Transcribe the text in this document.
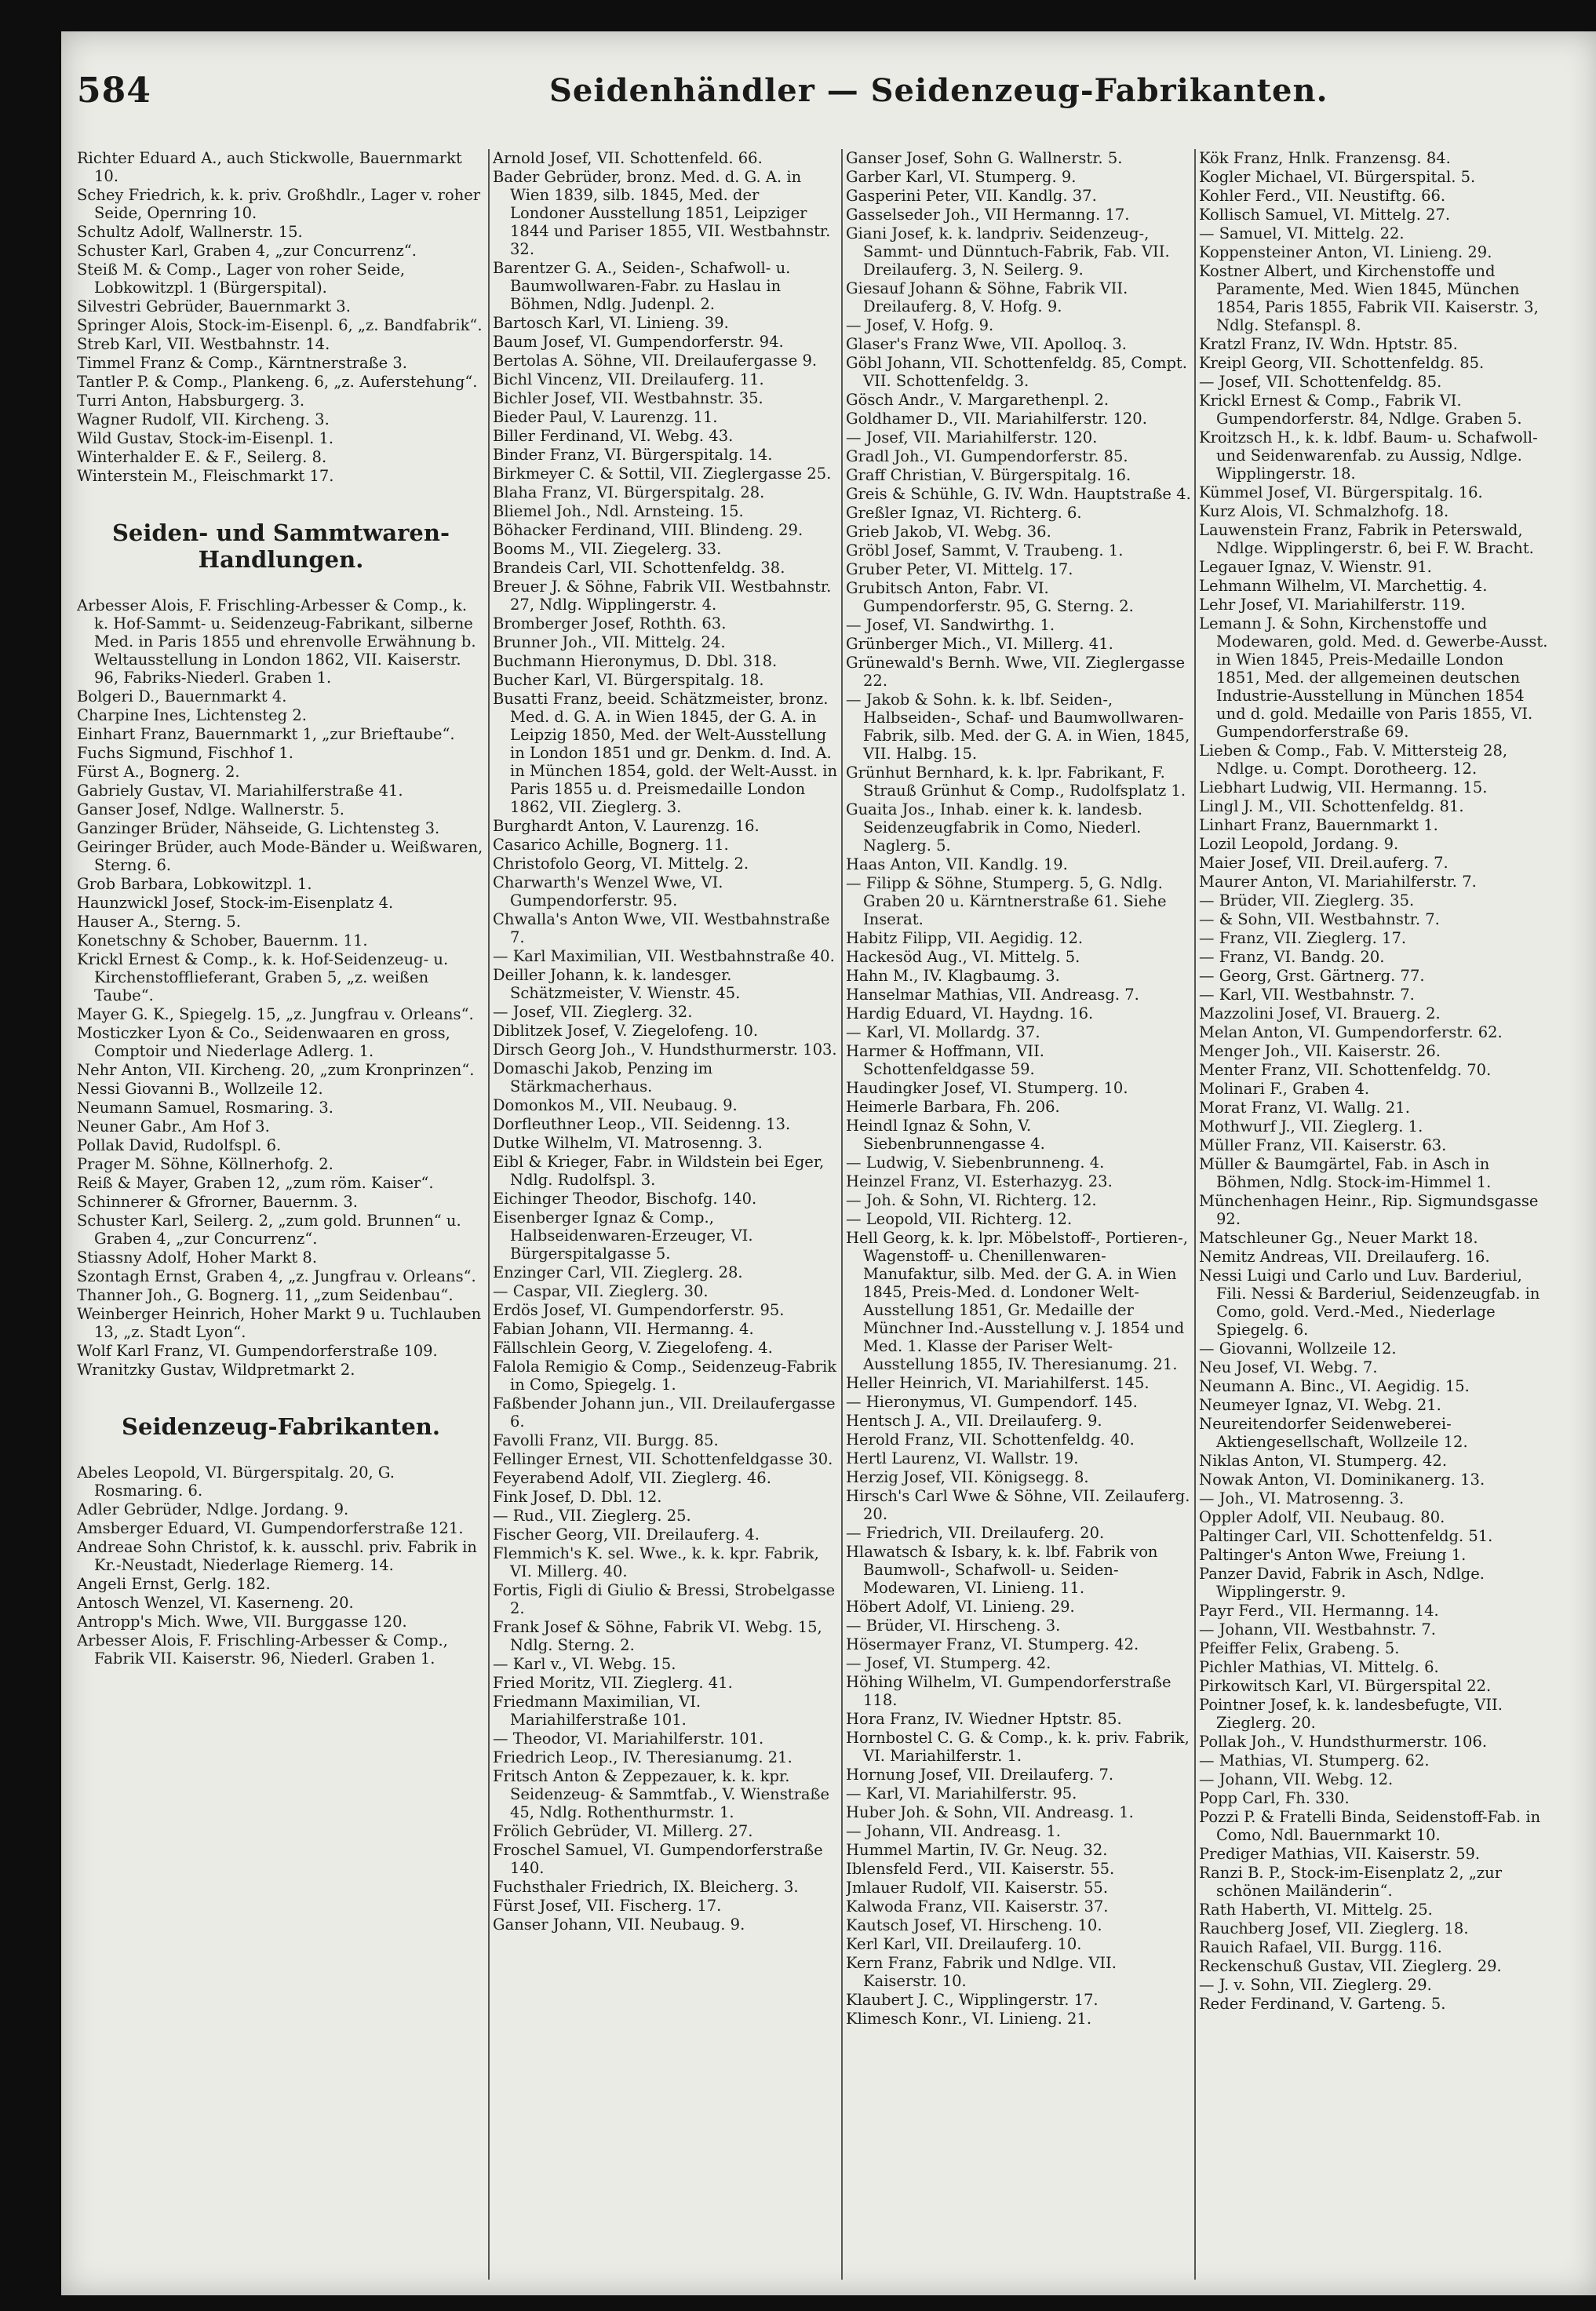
584	Seidenhändler — Seidenzeug-Fabrikanten.
Richter Eduard A., auch Stickwolle, Bauernmarkt 10.
Schey Friedrich, k. k. priv. Großhdlr., Lager v. roher Seide, Opernring 10.
Schultz Adolf, Wallnerstr. 15.
Schuster Karl, Graben 4, „zur Concurrenz“.
Steiß M. & Comp., Lager von roher Seide, Lobkowitzpl. 1 (Bürgerspital).
Silvestri Gebrüder, Bauernmarkt 3.
Springer Alois, Stock-im-Eisenpl. 6, „z. Bandfabrik“.
Streb Karl, VII. Westbahnstr. 14.
Timmel Franz & Comp., Kärntnerstraße 3.
Tantler P. & Comp., Plankeng. 6, „z. Auferstehung“.
Turri Anton, Habsburgerg. 3.
Wagner Rudolf, VII. Kircheng. 3.
Wild Gustav, Stock-im-Eisenpl. 1.
Winterhalder E. & F., Seilerg. 8.
Winterstein M., Fleischmarkt 17.
Seiden- und Sammtwaren-Handlungen.
Arbesser Alois, F. Frischling-Arbesser & Comp., k. k. Hof-Sammt- u. Seidenzeug-Fabrikant, silberne Med. in Paris 1855 und ehrenvolle Erwähnung b. Weltausstellung in London 1862, VII. Kaiserstr. 96, Fabriks-Niederl. Graben 1.
Bolgeri D., Bauernmarkt 4.
Charpine Ines, Lichtensteg 2.
Einhart Franz, Bauernmarkt 1, „zur Brieftaube“.
Fuchs Sigmund, Fischhof 1.
Fürst A., Bognerg. 2.
Gabriely Gustav, VI. Mariahilferstraße 41.
Ganser Josef, Ndlge. Wallnerstr. 5.
Ganzinger Brüder, Nähseide, G. Lichtensteg 3.
Geiringer Brüder, auch Mode-Bänder u. Weißwaren, Sterng. 6.
Grob Barbara, Lobkowitzpl. 1.
Haunzwickl Josef, Stock-im-Eisenplatz 4.
Hauser A., Sterng. 5.
Konetschny & Schober, Bauernm. 11.
Krickl Ernest & Comp., k. k. Hof-Seidenzeug- u. Kirchenstofflieferant, Graben 5, „z. weißen Taube“.
Mayer G. K., Spiegelg. 15, „z. Jungfrau v. Orleans“.
Mosticzker Lyon & Co., Seidenwaaren en gross, Comptoir und Niederlage Adlerg. 1.
Nehr Anton, VII. Kircheng. 20, „zum Kronprinzen“.
Nessi Giovanni B., Wollzeile 12.
Neumann Samuel, Rosmaring. 3.
Neuner Gabr., Am Hof 3.
Pollak David, Rudolfspl. 6.
Prager M. Söhne, Köllnerhofg. 2.
Reiß & Mayer, Graben 12, „zum röm. Kaiser“.
Schinnerer & Gfrorner, Bauernm. 3.
Schuster Karl, Seilerg. 2, „zum gold. Brunnen“ u. Graben 4, „zur Concurrenz“.
Stiassny Adolf, Hoher Markt 8.
Szontagh Ernst, Graben 4, „z. Jungfrau v. Orleans“.
Thanner Joh., G. Bognerg. 11, „zum Seidenbau“.
Weinberger Heinrich, Hoher Markt 9 u. Tuchlauben 13, „z. Stadt Lyon“.
Wolf Karl Franz, VI. Gumpendorferstraße 109.
Wranitzky Gustav, Wildpretmarkt 2.
Seidenzeug-Fabrikanten.
Abeles Leopold, VI. Bürgerspitalg. 20, G. Rosmaring. 6.
Adler Gebrüder, Ndlge. Jordang. 9.
Amsberger Eduard, VI. Gumpendorferstraße 121.
Andreae Sohn Christof, k. k. ausschl. priv. Fabrik in Kr.-Neustadt, Niederlage Riemerg. 14.
Angeli Ernst, Gerlg. 182.
Antosch Wenzel, VI. Kaserneng. 20.
Antropp's Mich. Wwe, VII. Burggasse 120.
Arbesser Alois, F. Frischling-Arbesser & Comp., Fabrik VII. Kaiserstr. 96, Niederl. Graben 1.
Arnold Josef, VII. Schottenfeld. 66.
Bader Gebrüder, bronz. Med. d. G. A. in Wien 1839, silb. 1845, Med. der Londoner Ausstellung 1851, Leipziger 1844 und Pariser 1855, VII. Westbahnstr. 32.
Barentzer G. A., Seiden-, Schafwoll- u. Baumwollwaren-Fabr. zu Haslau in Böhmen, Ndlg. Judenpl. 2.
Bartosch Karl, VI. Linieng. 39.
Baum Josef, VI. Gumpendorferstr. 94.
Bertolas A. Söhne, VII. Dreilaufergasse 9.
Bichl Vincenz, VII. Dreilauferg. 11.
Bichler Josef, VII. Westbahnstr. 35.
Bieder Paul, V. Laurenzg. 11.
Biller Ferdinand, VI. Webg. 43.
Binder Franz, VI. Bürgerspitalg. 14.
Birkmeyer C. & Sottil, VII. Zieglergasse 25.
Blaha Franz, VI. Bürgerspitalg. 28.
Bliemel Joh., Ndl. Arnsteing. 15.
Böhacker Ferdinand, VIII. Blindeng. 29.
Booms M., VII. Ziegelerg. 33.
Brandeis Carl, VII. Schottenfeldg. 38.
Breuer J. & Söhne, Fabrik VII. Westbahnstr. 27, Ndlg. Wipplingerstr. 4.
Bromberger Josef, Rothth. 63.
Brunner Joh., VII. Mittelg. 24.
Buchmann Hieronymus, D. Dbl. 318.
Bucher Karl, VI. Bürgerspitalg. 18.
Busatti Franz, beeid. Schätzmeister, bronz. Med. d. G. A. in Wien 1845, der G. A. in Leipzig 1850, Med. der Welt-Ausstellung in London 1851 und gr. Denkm. d. Ind. A. in München 1854, gold. der Welt-Ausst. in Paris 1855 u. d. Preismedaille London 1862, VII. Zieglerg. 3.
Burghardt Anton, V. Laurenzg. 16.
Casarico Achille, Bognerg. 11.
Christofolo Georg, VI. Mittelg. 2.
Charwarth's Wenzel Wwe, VI. Gumpendorferstr. 95.
Chwalla's Anton Wwe, VII. Westbahnstraße 7.
— Karl Maximilian, VII. Westbahnstraße 40.
Deiller Johann, k. k. landesger. Schätzmeister, V. Wienstr. 45.
— Josef, VII. Zieglerg. 32.
Diblitzek Josef, V. Ziegelofeng. 10.
Dirsch Georg Joh., V. Hundsthurmerstr. 103.
Domaschi Jakob, Penzing im Stärkmacherhaus.
Domonkos M., VII. Neubaug. 9.
Dorfleuthner Leop., VII. Seidenng. 13.
Dutke Wilhelm, VI. Matrosenng. 3.
Eibl & Krieger, Fabr. in Wildstein bei Eger, Ndlg. Rudolfspl. 3.
Eichinger Theodor, Bischofg. 140.
Eisenberger Ignaz & Comp., Halbseidenwaren-Erzeuger, VI. Bürgerspitalgasse 5.
Enzinger Carl, VII. Zieglerg. 28.
— Caspar, VII. Zieglerg. 30.
Erdös Josef, VI. Gumpendorferstr. 95.
Fabian Johann, VII. Hermanng. 4.
Fällschlein Georg, V. Ziegelofeng. 4.
Falola Remigio & Comp., Seidenzeug-Fabrik in Como, Spiegelg. 1.
Faßbender Johann jun., VII. Dreilaufergasse 6.
Favolli Franz, VII. Burgg. 85.
Fellinger Ernest, VII. Schottenfeldgasse 30.
Feyerabend Adolf, VII. Zieglerg. 46.
Fink Josef, D. Dbl. 12.
— Rud., VII. Zieglerg. 25.
Fischer Georg, VII. Dreilauferg. 4.
Flemmich's K. sel. Wwe., k. k. kpr. Fabrik, VI. Millerg. 40.
Fortis, Figli di Giulio & Bressi, Strobelgasse 2.
Frank Josef & Söhne, Fabrik VI. Webg. 15, Ndlg. Sterng. 2.
— Karl v., VI. Webg. 15.
Fried Moritz, VII. Zieglerg. 41.
Friedmann Maximilian, VI. Mariahilferstraße 101.
— Theodor, VI. Mariahilferstr. 101.
Friedrich Leop., IV. Theresianumg. 21.
Fritsch Anton & Zeppezauer, k. k. kpr. Seidenzeug- & Sammtfab., V. Wienstraße 45, Ndlg. Rothenthurmstr. 1.
Frölich Gebrüder, VI. Millerg. 27.
Froschel Samuel, VI. Gumpendorferstraße 140.
Fuchsthaler Friedrich, IX. Bleicherg. 3.
Fürst Josef, VII. Fischerg. 17.
Ganser Johann, VII. Neubaug. 9.
Ganser Josef, Sohn G. Wallnerstr. 5.
Garber Karl, VI. Stumperg. 9.
Gasperini Peter, VII. Kandlg. 37.
Gasselseder Joh., VII Hermanng. 17.
Giani Josef, k. k. landpriv. Seidenzeug-, Sammt- und Dünntuch-Fabrik, Fab. VII. Dreilauferg. 3, N. Seilerg. 9.
Giesauf Johann & Söhne, Fabrik VII. Dreilauferg. 8, V. Hofg. 9.
— Josef, V. Hofg. 9.
Glaser's Franz Wwe, VII. Apolloq. 3.
Göbl Johann, VII. Schottenfeldg. 85, Compt. VII. Schottenfeldg. 3.
Gösch Andr., V. Margarethenpl. 2.
Goldhamer D., VII. Mariahilferstr. 120.
— Josef, VII. Mariahilferstr. 120.
Gradl Joh., VI. Gumpendorferstr. 85.
Graff Christian, V. Bürgerspitalg. 16.
Greis & Schühle, G. IV. Wdn. Hauptstraße 4.
Greßler Ignaz, VI. Richterg. 6.
Grieb Jakob, VI. Webg. 36.
Gröbl Josef, Sammt, V. Traubeng. 1.
Gruber Peter, VI. Mittelg. 17.
Grubitsch Anton, Fabr. VI. Gumpendorferstr. 95, G. Sterng. 2.
— Josef, VI. Sandwirthg. 1.
Grünberger Mich., VI. Millerg. 41.
Grünewald's Bernh. Wwe, VII. Zieglergasse 22.
— Jakob & Sohn. k. k. lbf. Seiden-, Halbseiden-, Schaf- und Baumwollwaren-Fabrik, silb. Med. der G. A. in Wien, 1845, VII. Halbg. 15.
Grünhut Bernhard, k. k. lpr. Fabrikant, F. Strauß Grünhut & Comp., Rudolfsplatz 1.
Guaita Jos., Inhab. einer k. k. landesb. Seidenzeugfabrik in Como, Niederl. Naglerg. 5.
Haas Anton, VII. Kandlg. 19.
— Filipp & Söhne, Stumperg. 5, G. Ndlg. Graben 20 u. Kärntnerstraße 61. Siehe Inserat.
Habitz Filipp, VII. Aegidig. 12.
Hackesöd Aug., VI. Mittelg. 5.
Hahn M., IV. Klagbaumg. 3.
Hanselmar Mathias, VII. Andreasg. 7.
Hardig Eduard, VI. Haydng. 16.
— Karl, VI. Mollardg. 37.
Harmer & Hoffmann, VII. Schottenfeldgasse 59.
Haudingker Josef, VI. Stumperg. 10.
Heimerle Barbara, Fh. 206.
Heindl Ignaz & Sohn, V. Siebenbrunnengasse 4.
— Ludwig, V. Siebenbrunneng. 4.
Heinzel Franz, VI. Esterhazyg. 23.
— Joh. & Sohn, VI. Richterg. 12.
— Leopold, VII. Richterg. 12.
Hell Georg, k. k. lpr. Möbelstoff-, Portieren-, Wagenstoff- u. Chenillenwaren-Manufaktur, silb. Med. der G. A. in Wien 1845, Preis-Med. d. Londoner Welt-Ausstellung 1851, Gr. Medaille der Münchner Ind.-Ausstellung v. J. 1854 und Med. 1. Klasse der Pariser Welt-Ausstellung 1855, IV. Theresianumg. 21.
Heller Heinrich, VI. Mariahilferst. 145.
— Hieronymus, VI. Gumpendorf. 145.
Hentsch J. A., VII. Dreilauferg. 9.
Herold Franz, VII. Schottenfeldg. 40.
Hertl Laurenz, VI. Wallstr. 19.
Herzig Josef, VII. Königsegg. 8.
Hirsch's Carl Wwe & Söhne, VII. Zeilauferg. 20.
— Friedrich, VII. Dreilauferg. 20.
Hlawatsch & Isbary, k. k. lbf. Fabrik von Baumwoll-, Schafwoll- u. Seiden-Modewaren, VI. Linieng. 11.
Höbert Adolf, VI. Linieng. 29.
— Brüder, VI. Hirscheng. 3.
Hösermayer Franz, VI. Stumperg. 42.
— Josef, VI. Stumperg. 42.
Höhing Wilhelm, VI. Gumpendorferstraße 118.
Hora Franz, IV. Wiedner Hptstr. 85.
Hornbostel C. G. & Comp., k. k. priv. Fabrik, VI. Mariahilferstr. 1.
Hornung Josef, VII. Dreilauferg. 7.
— Karl, VI. Mariahilferstr. 95.
Huber Joh. & Sohn, VII. Andreasg. 1.
— Johann, VII. Andreasg. 1.
Hummel Martin, IV. Gr. Neug. 32.
Iblensfeld Ferd., VII. Kaiserstr. 55.
Jmlauer Rudolf, VII. Kaiserstr. 55.
Kalwoda Franz, VII. Kaiserstr. 37.
Kautsch Josef, VI. Hirscheng. 10.
Kerl Karl, VII. Dreilauferg. 10.
Kern Franz, Fabrik und Ndlge. VII. Kaiserstr. 10.
Klaubert J. C., Wipplingerstr. 17.
Klimesch Konr., VI. Linieng. 21.
Kök Franz, Hnlk. Franzensg. 84.
Kogler Michael, VI. Bürgerspital. 5.
Kohler Ferd., VII. Neustiftg. 66.
Kollisch Samuel, VI. Mittelg. 27.
— Samuel, VI. Mittelg. 22.
Koppensteiner Anton, VI. Linieng. 29.
Kostner Albert, und Kirchenstoffe und Paramente, Med. Wien 1845, München 1854, Paris 1855, Fabrik VII. Kaiserstr. 3, Ndlg. Stefanspl. 8.
Kratzl Franz, IV. Wdn. Hptstr. 85.
Kreipl Georg, VII. Schottenfeldg. 85.
— Josef, VII. Schottenfeldg. 85.
Krickl Ernest & Comp., Fabrik VI. Gumpendorferstr. 84, Ndlge. Graben 5.
Kroitzsch H., k. k. ldbf. Baum- u. Schafwoll- und Seidenwarenfab. zu Aussig, Ndlge. Wipplingerstr. 18.
Kümmel Josef, VI. Bürgerspitalg. 16.
Kurz Alois, VI. Schmalzhofg. 18.
Lauwenstein Franz, Fabrik in Peterswald, Ndlge. Wipplingerstr. 6, bei F. W. Bracht.
Legauer Ignaz, V. Wienstr. 91.
Lehmann Wilhelm, VI. Marchettig. 4.
Lehr Josef, VI. Mariahilferstr. 119.
Lemann J. & Sohn, Kirchenstoffe und Modewaren, gold. Med. d. Gewerbe-Ausst. in Wien 1845, Preis-Medaille London 1851, Med. der allgemeinen deutschen Industrie-Ausstellung in München 1854 und d. gold. Medaille von Paris 1855, VI. Gumpendorferstraße 69.
Lieben & Comp., Fab. V. Mittersteig 28, Ndlge. u. Compt. Dorotheerg. 12.
Liebhart Ludwig, VII. Hermanng. 15.
Lingl J. M., VII. Schottenfeldg. 81.
Linhart Franz, Bauernmarkt 1.
Lozil Leopold, Jordang. 9.
Maier Josef, VII. Dreil.auferg. 7.
Maurer Anton, VI. Mariahilferstr. 7.
— Brüder, VII. Zieglerg. 35.
— & Sohn, VII. Westbahnstr. 7.
— Franz, VII. Zieglerg. 17.
— Franz, VI. Bandg. 20.
— Georg, Grst. Gärtnerg. 77.
— Karl, VII. Westbahnstr. 7.
Mazzolini Josef, VI. Brauerg. 2.
Melan Anton, VI. Gumpendorferstr. 62.
Menger Joh., VII. Kaiserstr. 26.
Menter Franz, VII. Schottenfeldg. 70.
Molinari F., Graben 4.
Morat Franz, VI. Wallg. 21.
Mothwurf J., VII. Zieglerg. 1.
Müller Franz, VII. Kaiserstr. 63.
Müller & Baumgärtel, Fab. in Asch in Böhmen, Ndlg. Stock-im-Himmel 1.
Münchenhagen Heinr., Rip. Sigmundsgasse 92.
Matschleuner Gg., Neuer Markt 18.
Nemitz Andreas, VII. Dreilauferg. 16.
Nessi Luigi und Carlo und Luv. Barderiul, Fili. Nessi & Barderiul, Seidenzeugfab. in Como, gold. Verd.-Med., Niederlage Spiegelg. 6.
— Giovanni, Wollzeile 12.
Neu Josef, VI. Webg. 7.
Neumann A. Binc., VI. Aegidig. 15.
Neumeyer Ignaz, VI. Webg. 21.
Neureitendorfer Seidenweberei-Aktiengesellschaft, Wollzeile 12.
Niklas Anton, VI. Stumperg. 42.
Nowak Anton, VI. Dominikanerg. 13.
— Joh., VI. Matrosenng. 3.
Oppler Adolf, VII. Neubaug. 80.
Paltinger Carl, VII. Schottenfeldg. 51.
Paltinger's Anton Wwe, Freiung 1.
Panzer David, Fabrik in Asch, Ndlge. Wipplingerstr. 9.
Payr Ferd., VII. Hermanng. 14.
— Johann, VII. Westbahnstr. 7.
Pfeiffer Felix, Grabeng. 5.
Pichler Mathias, VI. Mittelg. 6.
Pirkowitsch Karl, VI. Bürgerspital 22.
Pointner Josef, k. k. landesbefugte, VII. Zieglerg. 20.
Pollak Joh., V. Hundsthurmerstr. 106.
— Mathias, VI. Stumperg. 62.
— Johann, VII. Webg. 12.
Popp Carl, Fh. 330.
Pozzi P. & Fratelli Binda, Seidenstoff-Fab. in Como, Ndl. Bauernmarkt 10.
Prediger Mathias, VII. Kaiserstr. 59.
Ranzi B. P., Stock-im-Eisenplatz 2, „zur schönen Mailänderin“.
Rath Haberth, VI. Mittelg. 25.
Rauchberg Josef, VII. Zieglerg. 18.
Rauich Rafael, VII. Burgg. 116.
Reckenschuß Gustav, VII. Zieglerg. 29.
— J. v. Sohn, VII. Zieglerg. 29.
Reder Ferdinand, V. Garteng. 5.
